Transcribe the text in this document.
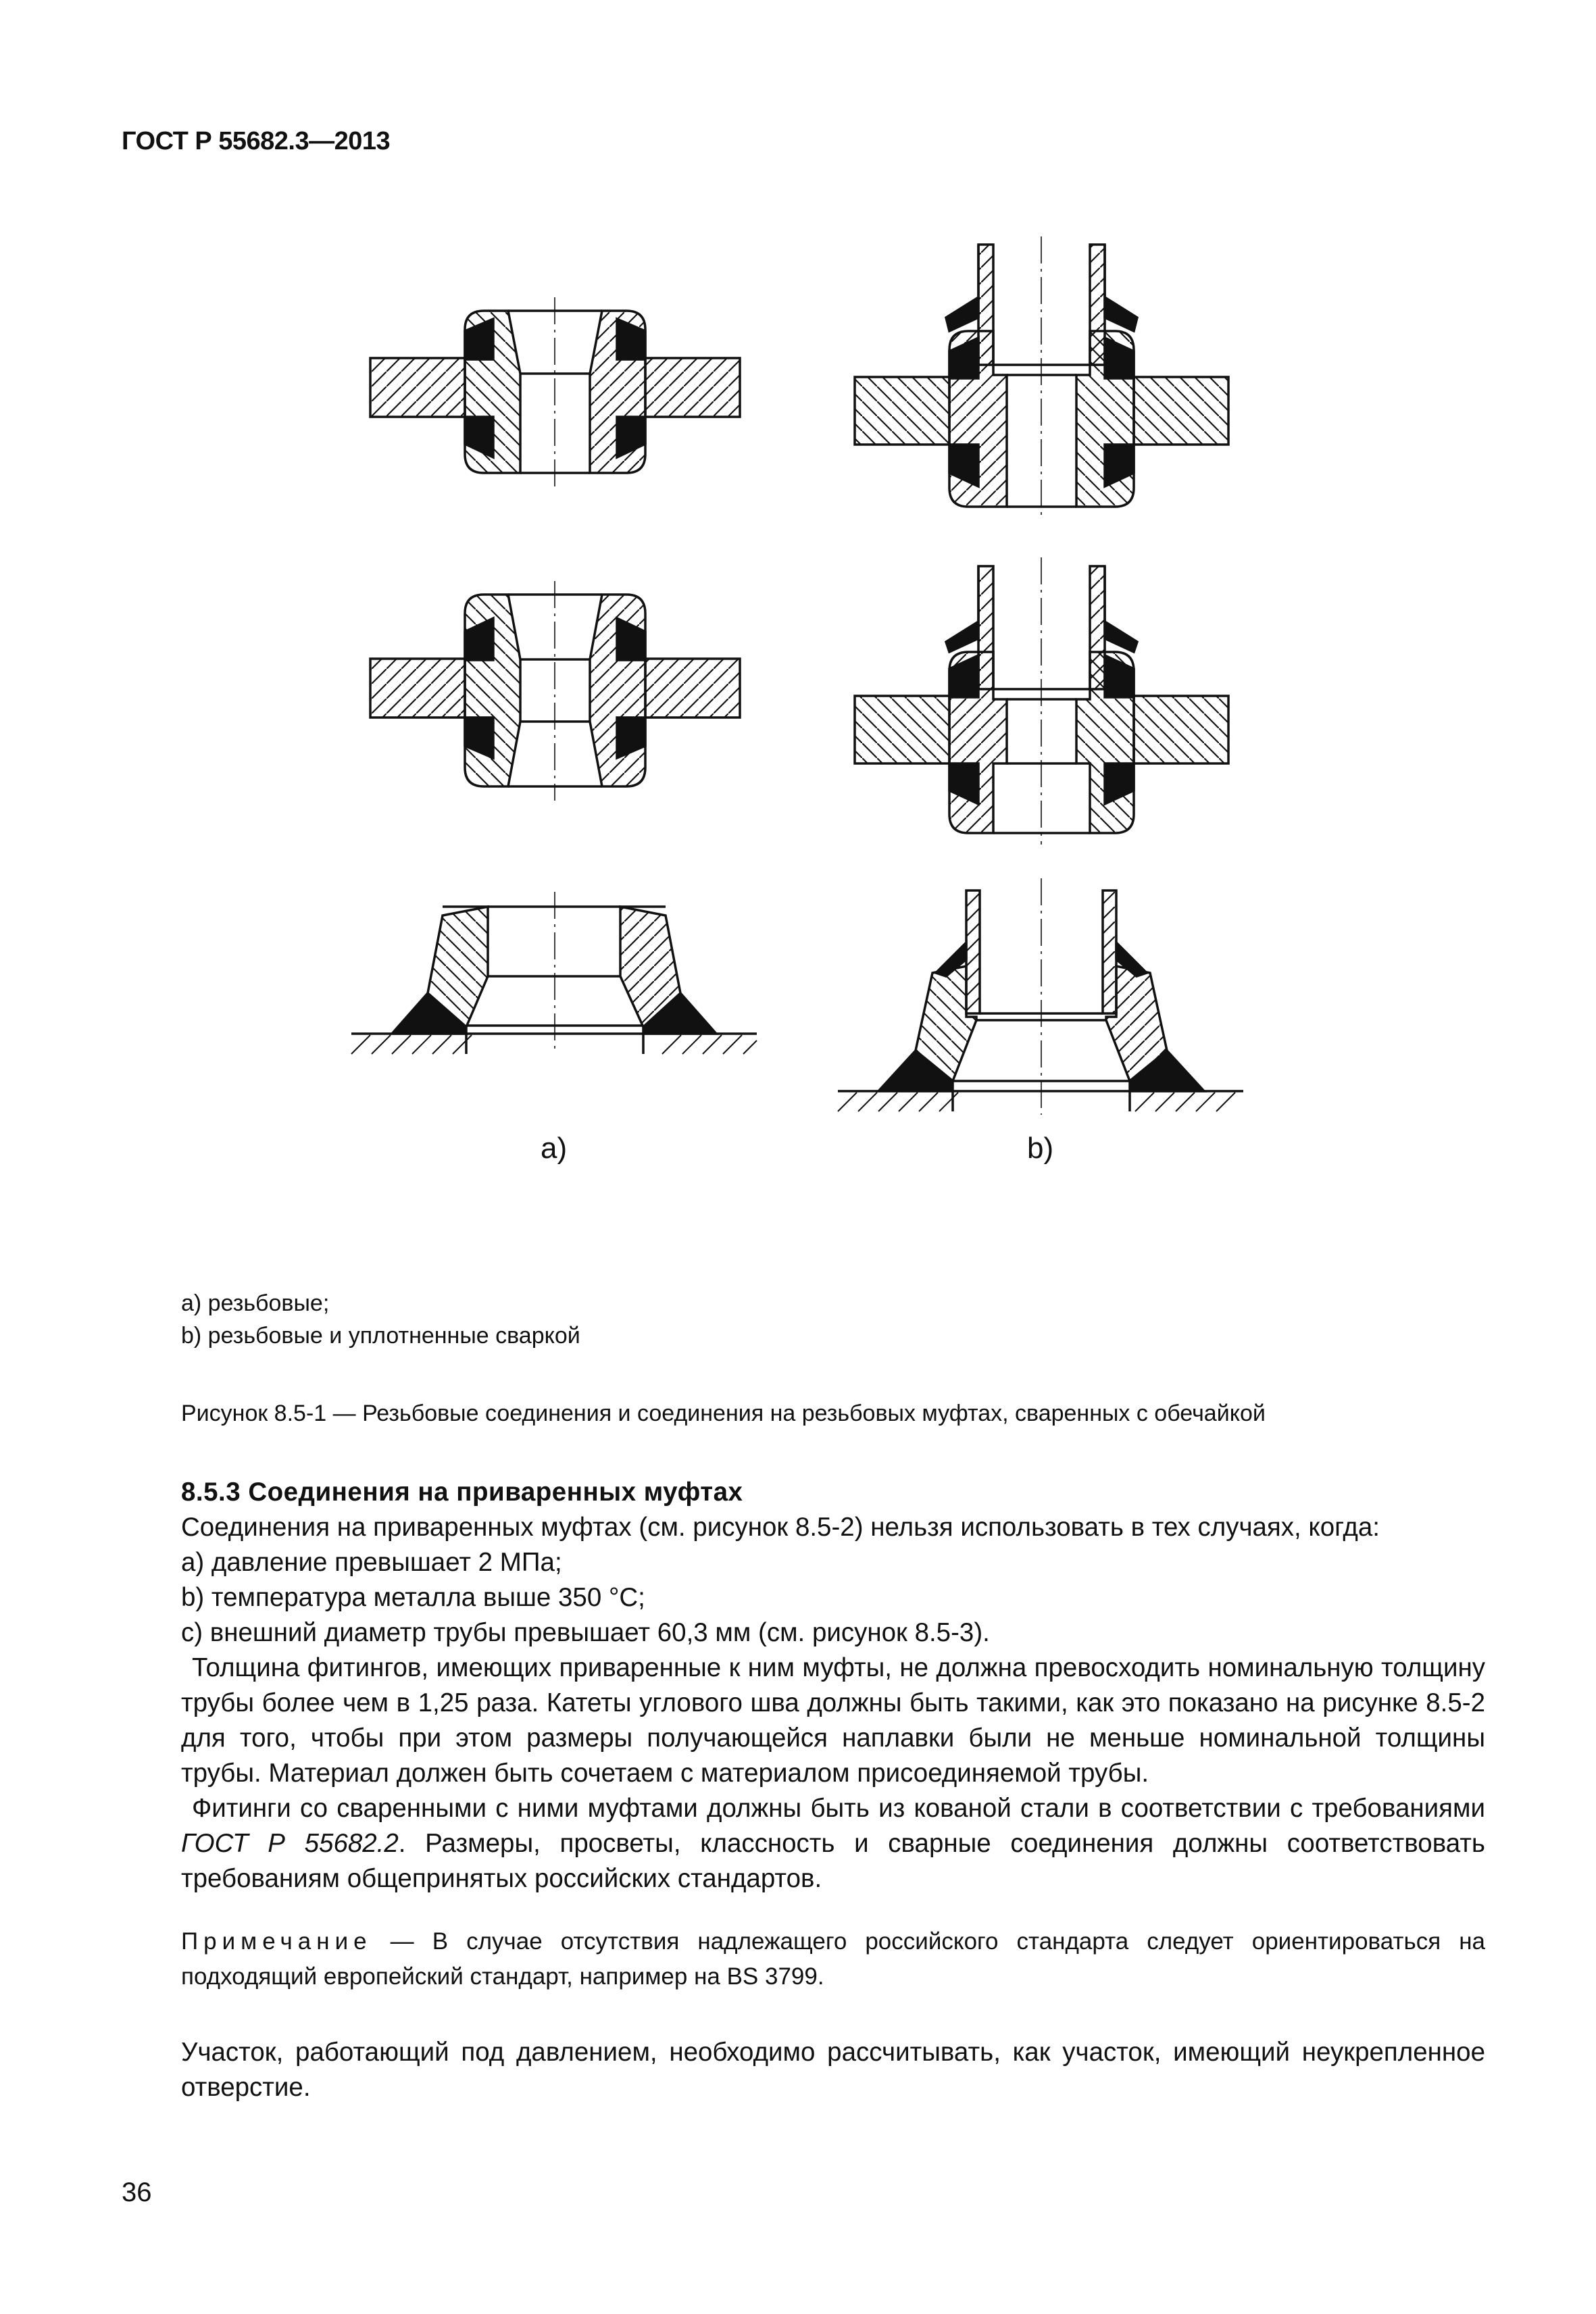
ГОСТ Р 55682.3—2013
a)	b)
a) резьбовые;
b) резьбовые и уплотненные сваркой
Рисунок 8.5-1 — Резьбовые соединения и соединения на резьбовых муфтах, сваренных с обечайкой

8.5.3 Соединения на приваренных муфтах

Соединения на приваренных муфтах (см. рисунок 8.5-2) нельзя использовать в тех случаях, когда:

a) давление превышает 2 МПа;

b) температура металла выше 350 °С;

c) внешний диаметр трубы превышает 60,3 мм (см. рисунок 8.5-3).

Толщина фитингов, имеющих приваренные к ним муфты, не должна превосходить номинальную толщину трубы более чем в 1,25 раза. Катеты углового шва должны быть такими, как это показано на рисунке 8.5-2 для того, чтобы при этом размеры получающейся наплавки были не меньше номинальной толщины трубы. Материал должен быть сочетаем с материалом присоединяемой трубы.

Фитинги со сваренными с ними муфтами должны быть из кованой стали в соответствии с требованиями ГОСТ Р 55682.2. Размеры, просветы, классность и сварные соединения должны соответствовать требованиям общепринятых российских стандартов.

Примечание — В случае отсутствия надлежащего российского стандарта следует ориентироваться на подходящий европейский стандарт, например на BS 3799.
Участок, работающий под давлением, необходимо рассчитывать, как участок, имеющий неукрепленное отверстие.
36
